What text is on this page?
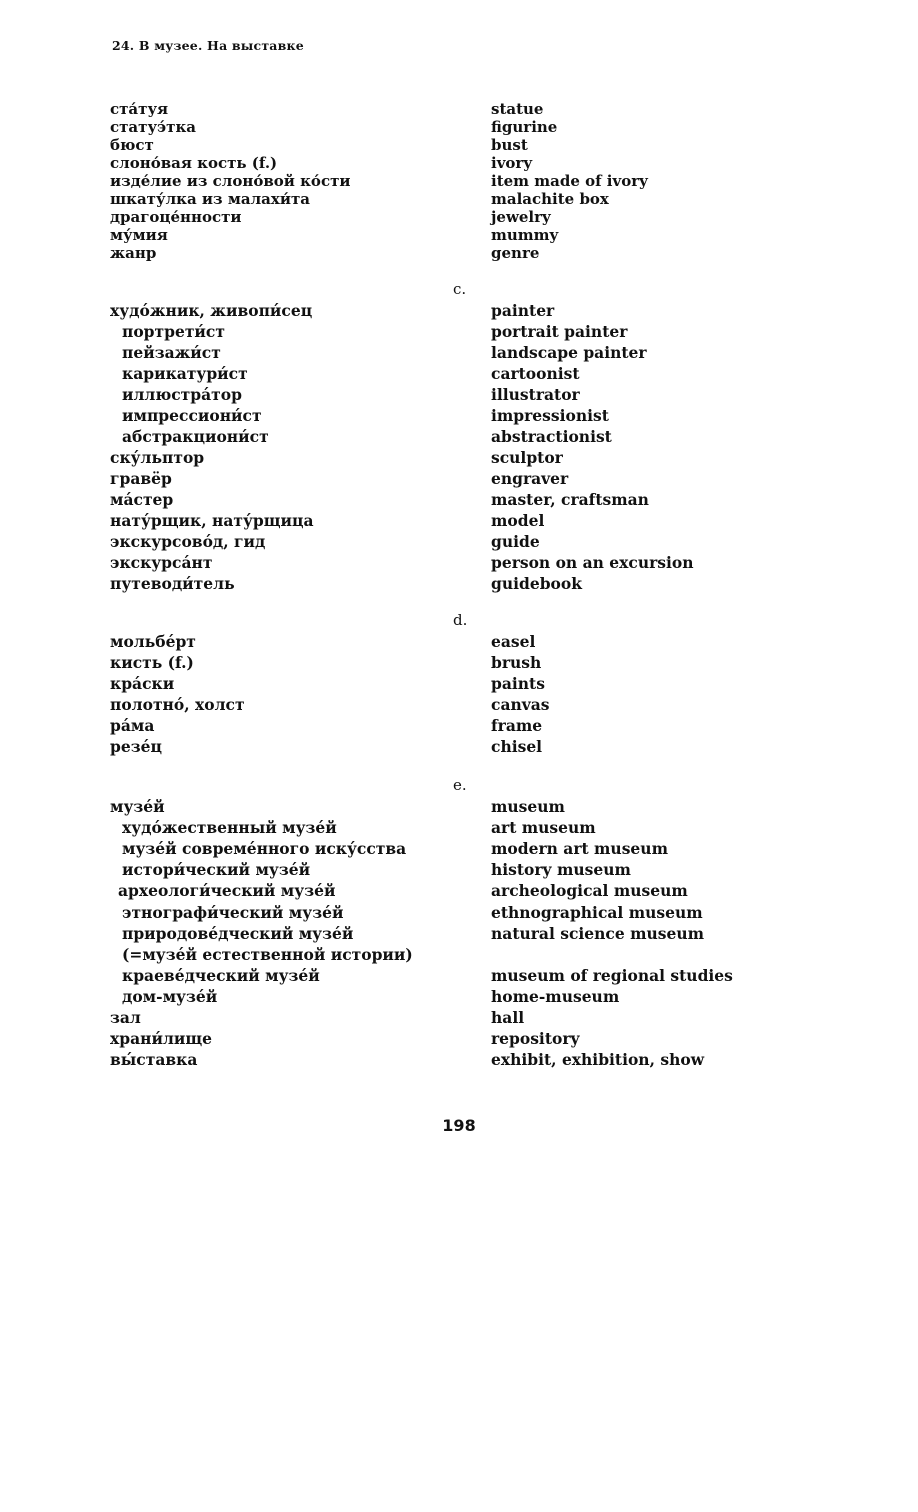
24. В музее. На выставке
ста́туя	statue
статуэ́тка	figurine
бюст	bust
слоно́вая кость (f.)	ivory
изде́лие из слоно́вой ко́сти	item made of ivory
шкату́лка из малахи́та	malachite box
драгоце́нности	jewelry
му́мия	mummy
жанр	genre
c.
худо́жник, живопи́сец	painter
портрети́ст	portrait painter
пейзажи́ст	landscape painter
карикатури́ст	cartoonist
иллюстра́тор	illustrator
импрессиони́ст	impressionist
абстракциони́ст	abstractionist
ску́льптор	sculptor
гравёр	engraver
ма́стер	master, craftsman
нату́рщик, нату́рщица	model
экскурсово́д, гид	guide
экскурса́нт	person on an excursion
путеводи́тель	guidebook
d.
мольбе́рт	easel
кисть (f.)	brush
кра́ски	paints
полотно́, холст	canvas
ра́ма	frame
резе́ц	chisel
e.
музе́й	museum
худо́жественный музе́й	art museum
музе́й совреме́нного иску́сства	modern art museum
истори́ческий музе́й	history museum
археологи́ческий музе́й	archeological museum
этнографи́ческий музе́й	ethnographical museum
природове́дческий музе́й	natural science museum
(=музе́й естественной истории)
краеве́дческий музе́й	museum of regional studies
дом-музе́й	home-museum
зал	hall
храни́лище	repository
вы́ставка	exhibit, exhibition, show
198
